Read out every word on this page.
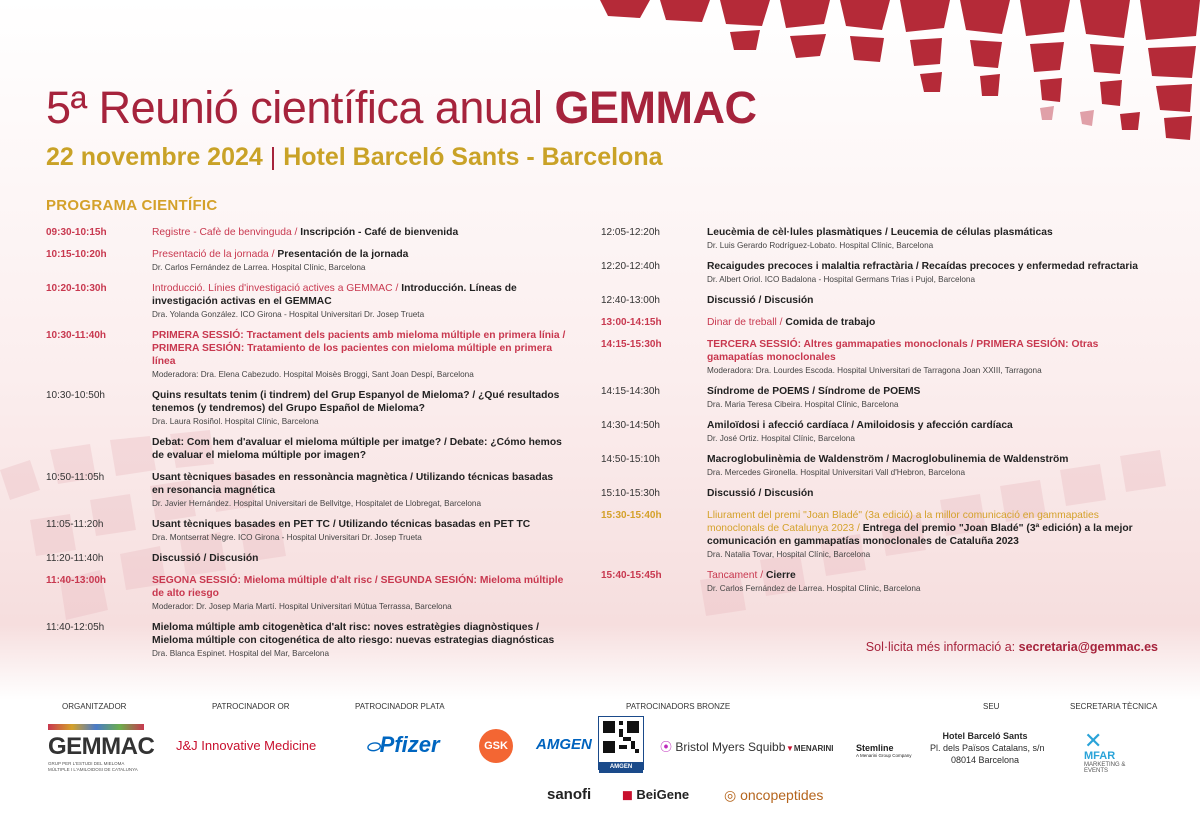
5ª Reunió científica anual GEMMAC
22 novembre 2024 | Hotel Barceló Sants - Barcelona
PROGRAMA CIENTÍFIC
09:30-10:15h	Registre - Cafè de benvinguda / Inscripción - Café de bienvenida
10:15-10:20h	Presentació de la jornada / Presentación de la jornada
Dr. Carlos Fernández de Larrea. Hospital Clínic, Barcelona
10:20-10:30h	Introducció. Línies d'investigació actives a GEMMAC / Introducción. Líneas de investigación activas en el GEMMAC
Dra. Yolanda González. ICO Girona - Hospital Universitari Dr. Josep Trueta
10:30-11:40h	PRIMERA SESSIÓ: Tractament dels pacients amb mieloma múltiple en primera línia / PRIMERA SESIÓN: Tratamiento de los pacientes con mieloma múltiple en primera línea
Moderadora: Dra. Elena Cabezudo. Hospital Moisès Broggi, Sant Joan Despí, Barcelona
10:30-10:50h	Quins resultats tenim (i tindrem) del Grup Espanyol de Mieloma? / ¿Qué resultados tenemos (y tendremos) del Grupo Español de Mieloma?
Dra. Laura Rosiñol. Hospital Clínic, Barcelona
Debat: Com hem d'avaluar el mieloma múltiple per imatge? / Debate: ¿Cómo hemos de evaluar el mieloma múltiple por imagen?
10:50-11:05h	Usant tècniques basades en ressonància magnètica / Utilizando técnicas basadas en resonancia magnética
Dr. Javier Hernández. Hospital Universitari de Bellvitge, Hospitalet de Llobregat, Barcelona
11:05-11:20h	Usant tècniques basades en PET TC / Utilizando técnicas basadas en PET TC
Dra. Montserrat Negre. ICO Girona - Hospital Universitari Dr. Josep Trueta
11:20-11:40h	Discussió / Discusión
11:40-13:00h	SEGONA SESSIÓ: Mieloma múltiple d'alt risc / SEGUNDA SESIÓN: Mieloma múltiple de alto riesgo
Moderador: Dr. Josep Maria Martí. Hospital Universitari Mútua Terrassa, Barcelona
11:40-12:05h	Mieloma múltiple amb citogenètica d'alt risc: noves estratègies diagnòstiques / Mieloma múltiple con citogenética de alto riesgo: nuevas estrategias diagnósticas
Dra. Blanca Espinet. Hospital del Mar, Barcelona
12:05-12:20h	Leucèmia de cèl·lules plasmàtiques / Leucemia de células plasmáticas
Dr. Luis Gerardo Rodríguez-Lobato. Hospital Clínic, Barcelona
12:20-12:40h	Recaigudes precoces i malaltia refractària / Recaídas precoces y enfermedad refractaria
Dr. Albert Oriol. ICO Badalona - Hospital Germans Trias i Pujol, Barcelona
12:40-13:00h	Discussió / Discusión
13:00-14:15h	Dinar de treball / Comida de trabajo
14:15-15:30h	TERCERA SESSIÓ: Altres gammapaties monoclonals / PRIMERA SESIÓN: Otras gamapatías monoclonales
Moderadora: Dra. Lourdes Escoda. Hospital Universitari de Tarragona Joan XXIII, Tarragona
14:15-14:30h	Síndrome de POEMS / Síndrome de POEMS
Dra. Maria Teresa Cibeira. Hospital Clínic, Barcelona
14:30-14:50h	Amiloïdosi i afecció cardíaca / Amiloidosis y afección cardíaca
Dr. José Ortiz. Hospital Clínic, Barcelona
14:50-15:10h	Macroglobulinèmia de Waldenström / Macroglobulinemia de Waldenström
Dra. Mercedes Gironella. Hospital Universitari Vall d'Hebron, Barcelona
15:10-15:30h	Discussió / Discusión
15:30-15:40h	Lliurament del premi "Joan Bladé" (3a edició) a la millor comunicació en gammapaties monoclonals de Catalunya 2023 / Entrega del premio "Joan Bladé" (3ª edición) a la mejor comunicación en gammapatías monoclonales de Cataluña 2023
Dra. Natalia Tovar, Hospital Clínic, Barcelona
15:40-15:45h	Tancament / Cierre
Dr. Carlos Fernández de Larrea. Hospital Clínic, Barcelona
Sol·licita més informació a: secretaria@gemmac.es
ORGANITZADOR	PATROCINADOR OR	PATROCINADOR PLATA	PATROCINADORS BRONZE	SEU	SECRETARIA TÈCNICA
GEMMAC
GRUP PER L'ESTUDI DEL MIELOMA MÚLTIPLE I L'AMILOIDOSI DE CATALUNYA
J&J Innovative Medicine	⬭Pfizer	GSK	AMGEN
AMGEN
⦿ Bristol Myers Squibb ▼MENARINI	Stemline
A Menarini Group Company
sanofi ◼ BeiGene ◎ oncopeptides
Hotel Barceló Sants
Pl. dels Països Catalans, s/n
08014 Barcelona
✕
MFAR
MARKETING & EVENTS
